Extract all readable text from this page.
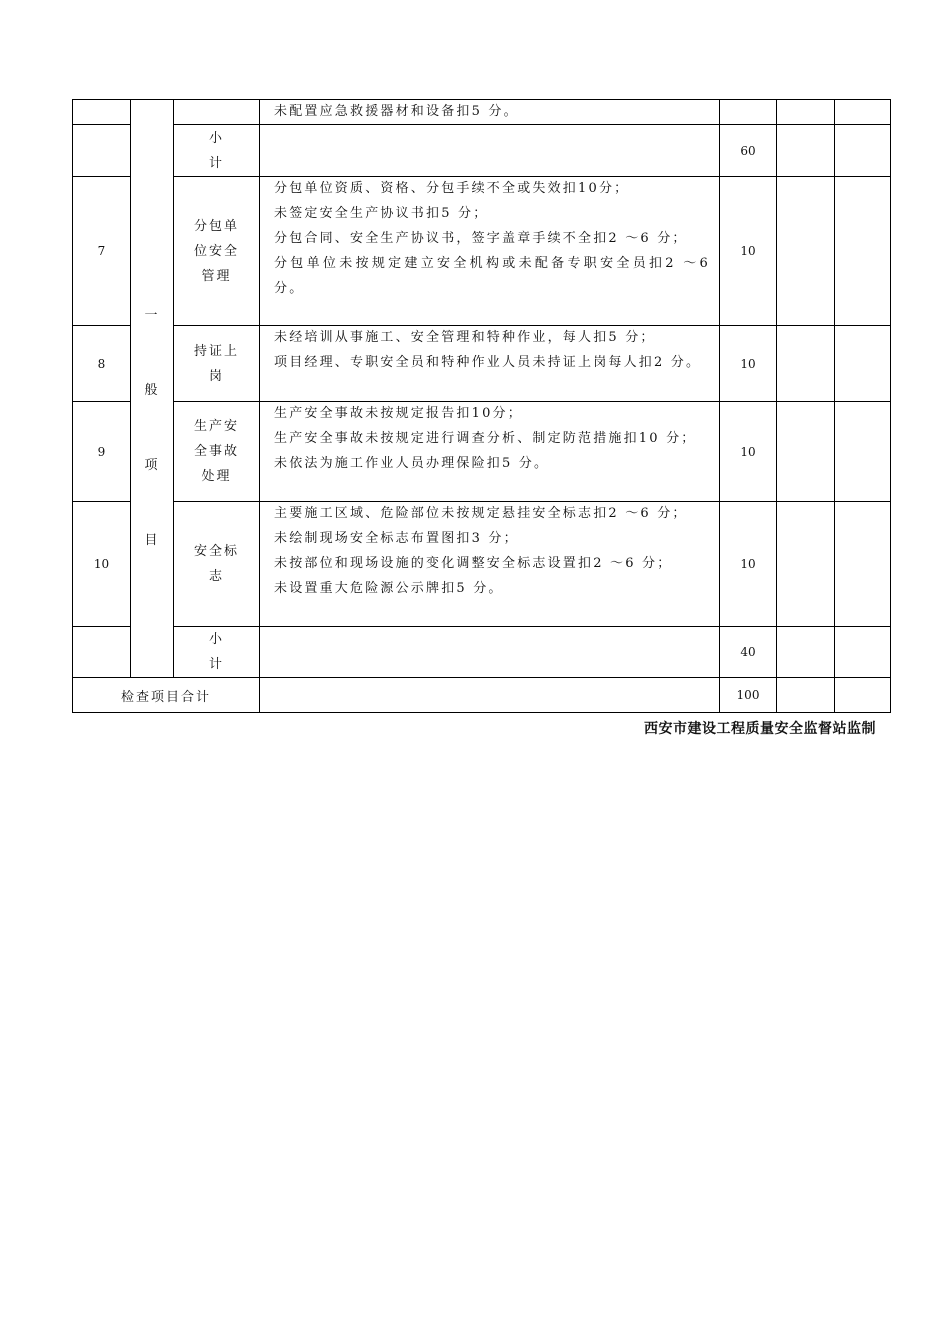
未配置应急救援器材和设备扣5 分。
小
计
60
7
分包单
位安全
管理
分包单位资质、资格、分包手续不全或失效扣10分；
未签定安全生产协议书扣5 分；
分包合同、安全生产协议书，签字盖章手续不全扣2 ～6 分；
分包单位未按规定建立安全机构或未配备专职安全员扣2 ～6 分。
10
8
持证上
岗
未经培训从事施工、安全管理和特种作业，每人扣5 分；
项目经理、专职安全员和特种作业人员未持证上岗每人扣2 分。	10
9
生产安
全事故
处理
生产安全事故未按规定报告扣10分；
生产安全事故未按规定进行调查分析、制定防范措施扣10 分；
未依法为施工作业人员办理保险扣5 分。
10
10
安全标
志
主要施工区域、危险部位未按规定悬挂安全标志扣2 ～6 分；
未绘制现场安全标志布置图扣3 分；
未按部位和现场设施的变化调整安全标志设置扣2 ～6 分；
未设置重大危险源公示牌扣5 分。
10
小
计
40
一
般
项
目
检查项目合计	100
西安市建设工程质量安全监督站监制
